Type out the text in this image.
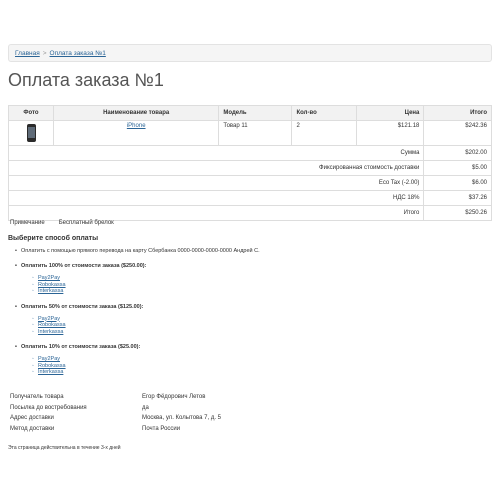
Главная > Оплата заказа №1
Оплата заказа №1
Фото	Наименование товара	Модель	Кол-во	Цена	Итого

	iPhone	Товар 11	2	$121.18	$242.36
Сумма					$202.00
Фиксированная стоимость доставки					$5.00
Eco Tax (-2.00)					$6.00
НДС 18%					$37.26
Итого					$250.26
Примечание Бесплатный брелок
Выберите способ оплаты
• Оплатить с помощью прямого перевода на карту Сбербанка 0000-0000-0000-0000 Андрей С.
• Оплатить 100% от стоимости заказа ($250.00):
◦ Pay2Pay
◦ Robokassa
◦ Interkassa
• Оплатить 50% от стоимости заказа ($125.00):
◦ Pay2Pay
◦ Robokassa
◦ Interkassa
• Оплатить 10% от стоимости заказа ($25.00):
◦ Pay2Pay
◦ Robokassa
◦ Interkassa
Получатель товара	Егор Фёдорович Летов
Посылка до востребования	да
Адрес доставки	Москва, ул. Колытова 7, д. 5
Метод доставки	Почта России
Эта страница действительна в течение 3-х дней
